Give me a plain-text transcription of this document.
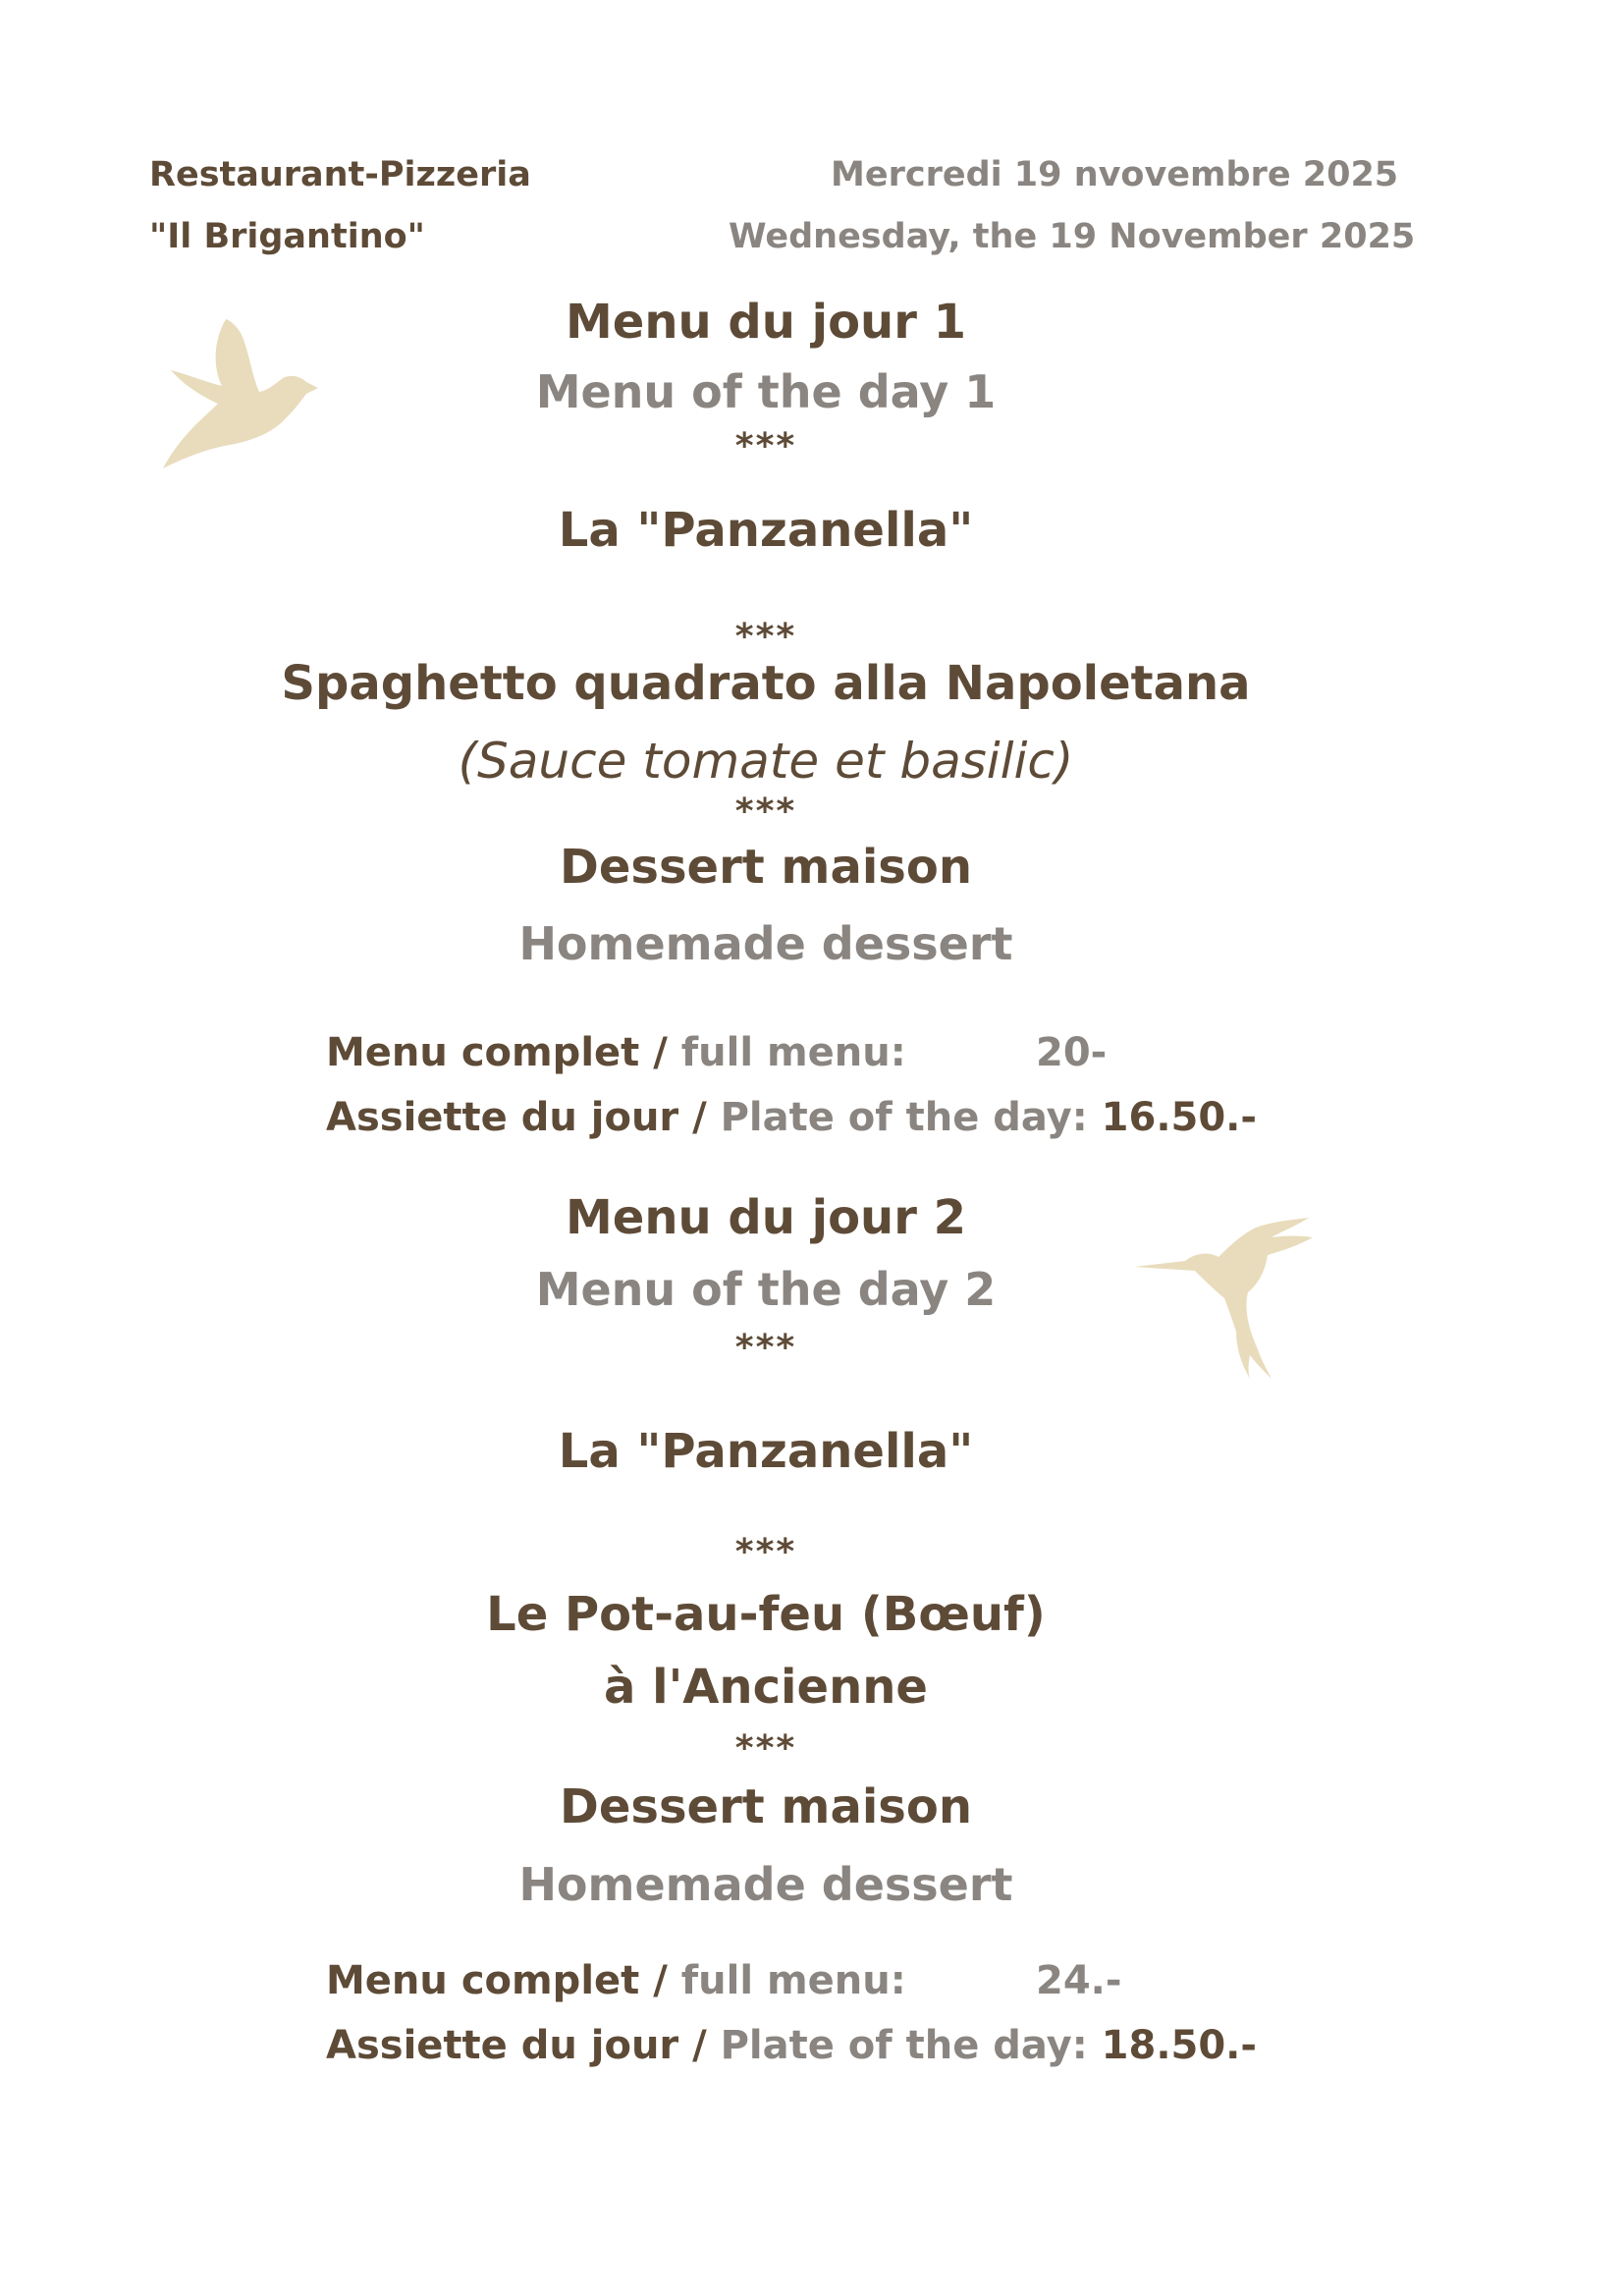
Restaurant-Pizzeria
"Il Brigantino"
Mercredi 19 nvovembre 2025
Wednesday, the 19 November 2025
Menu du jour 1
Menu of the day 1
***
La "Panzanella"
***
Spaghetto quadrato alla Napoletana
(Sauce tomate et basilic)
***
Dessert maison
Homemade dessert
Menu complet / full menu:	20-
Assiette du jour / Plate of the day: 16.50.-
Menu du jour 2
Menu of the day 2
***
La "Panzanella"
***
Le Pot-au-feu (Bœuf)
à l'Ancienne
***
Dessert maison
Homemade dessert
Menu complet / full menu:	24.-
Assiette du jour / Plate of the day: 18.50.-
